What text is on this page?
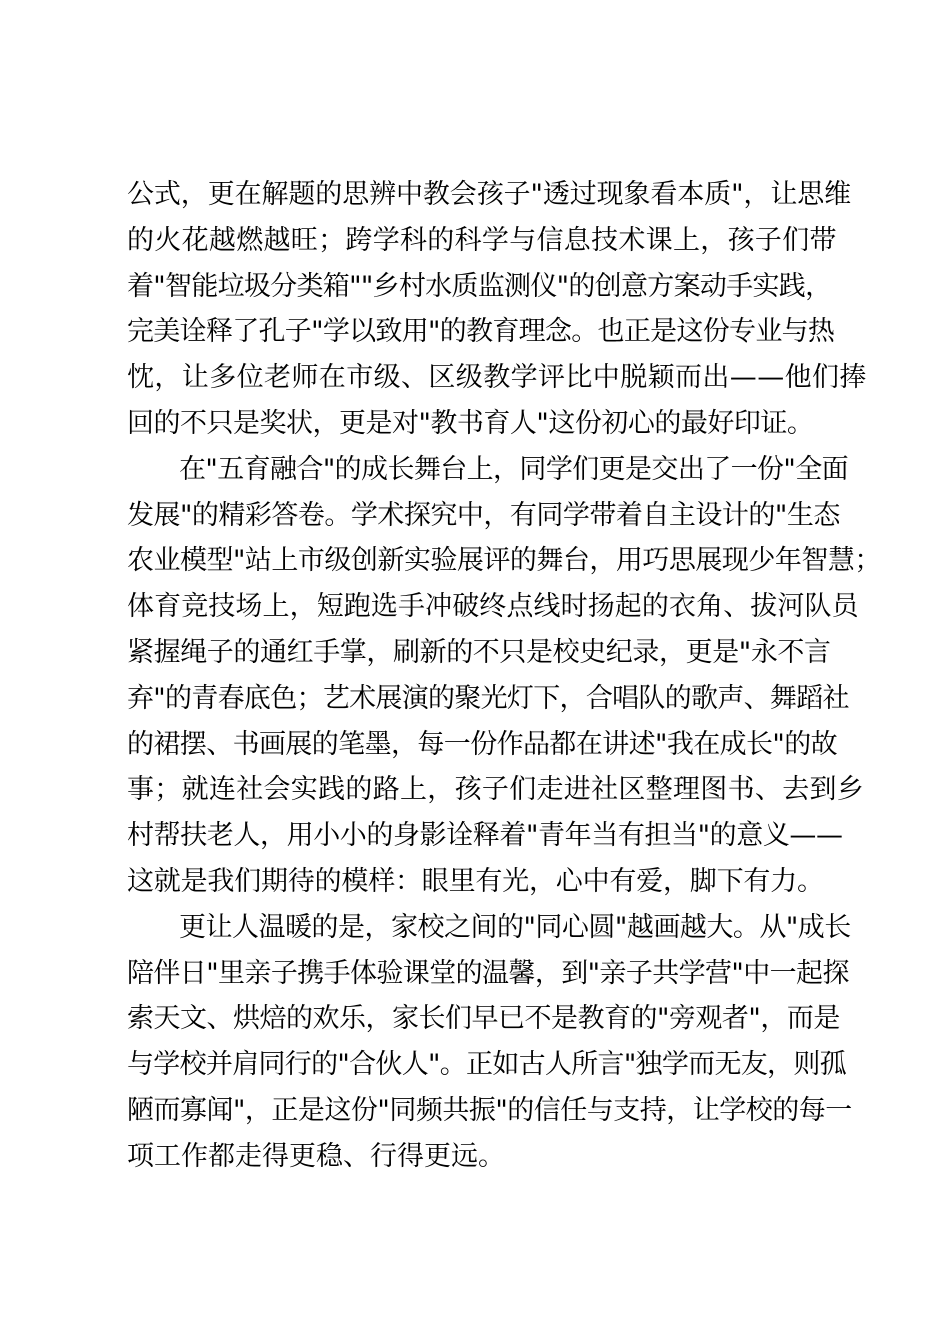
公式，更在解题的思辨中教会孩子"透过现象看本质"，让思维
的火花越燃越旺；跨学科的科学与信息技术课上，孩子们带
着"智能垃圾分类箱""乡村水质监测仪"的创意方案动手实践，
完美诠释了孔子"学以致用"的教育理念。也正是这份专业与热
忱，让多位老师在市级、区级教学评比中脱颖而出——他们捧
回的不只是奖状，更是对"教书育人"这份初心的最好印证。
在"五育融合"的成长舞台上，同学们更是交出了一份"全面
发展"的精彩答卷。学术探究中，有同学带着自主设计的"生态
农业模型"站上市级创新实验展评的舞台，用巧思展现少年智慧；
体育竞技场上，短跑选手冲破终点线时扬起的衣角、拔河队员
紧握绳子的通红手掌，刷新的不只是校史纪录，更是"永不言
弃"的青春底色；艺术展演的聚光灯下，合唱队的歌声、舞蹈社
的裙摆、书画展的笔墨，每一份作品都在讲述"我在成长"的故
事；就连社会实践的路上，孩子们走进社区整理图书、去到乡
村帮扶老人，用小小的身影诠释着"青年当有担当"的意义——
这就是我们期待的模样：眼里有光，心中有爱，脚下有力。
更让人温暖的是，家校之间的"同心圆"越画越大。从"成长
陪伴日"里亲子携手体验课堂的温馨，到"亲子共学营"中一起探
索天文、烘焙的欢乐，家长们早已不是教育的"旁观者"，而是
与学校并肩同行的"合伙人"。正如古人所言"独学而无友，则孤
陋而寡闻"，正是这份"同频共振"的信任与支持，让学校的每一
项工作都走得更稳、行得更远。
